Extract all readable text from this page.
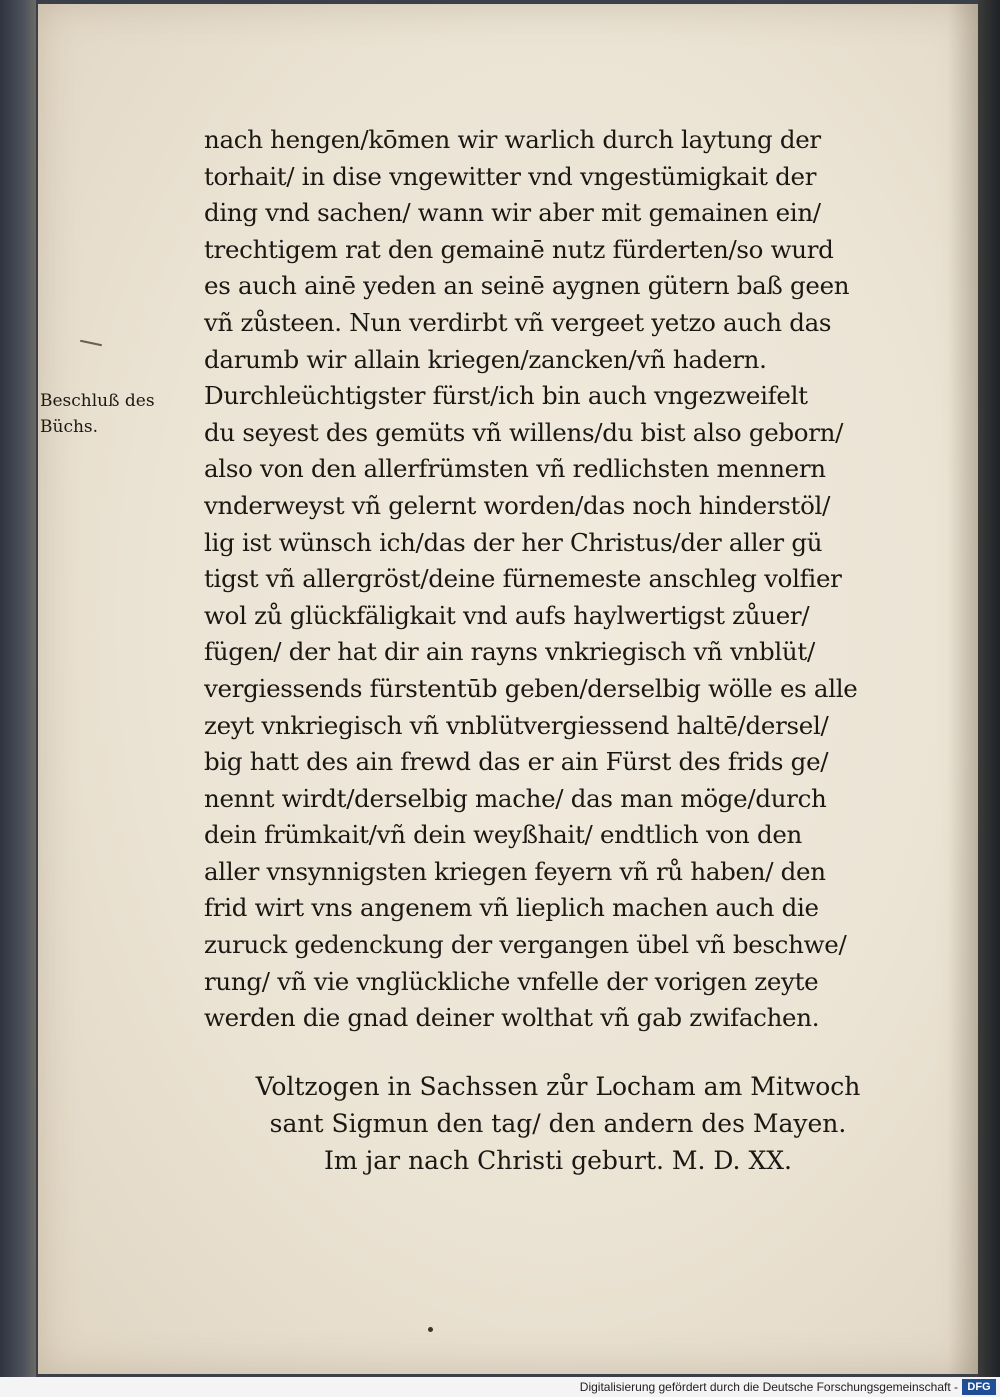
Beschluß des
Büchs.
nach hengen/kōmen wir warlich durch laytung der
torhait/ in dise vngewitter vnd vngestümigkait der
ding vnd sachen/ wann wir aber mit gemainen ein/
trechtigem rat den gemainē nutz fürderten/so wurd
es auch ainē yeden an seinē aygnen gütern baß geen
vñ zůsteen. Nun verdirbt vñ vergeet yetzo auch das
darumb wir allain kriegen/zancken/vñ hadern.
Durchleüchtigster fürst/ich bin auch vngezweifelt
du seyest des gemüts vñ willens/du bist also geborn/
also von den allerfrümsten vñ redlichsten mennern
vnderweyst vñ gelernt worden/das noch hinderstöl/
lig ist wünsch ich/das der her Christus/der aller gü
tigst vñ allergröst/deine fürnemeste anschleg volfier
wol zů glückfäligkait vnd aufs haylwertigst zůuer/
fügen/ der hat dir ain rayns vnkriegisch vñ vnblüt/
vergiessends fürstentūb geben/derselbig wölle es alle
zeyt vnkriegisch vñ vnblütvergiessend haltē/dersel/
big hatt des ain frewd das er ain Fürst des frids ge/
nennt wirdt/derselbig mache/ das man möge/durch
dein frümkait/vñ dein weyßhait/ endtlich von den
aller vnsynnigsten kriegen feyern vñ rů haben/ den
frid wirt vns angenem vñ lieplich machen auch die
zuruck gedenckung der vergangen übel vñ beschwe/
rung/ vñ vie vnglückliche vnfelle der vorigen zeyte
werden die gnad deiner wolthat vñ gab zwifachen.
Voltzogen in Sachssen zůr Locham am Mitwoch
sant Sigmun den tag/ den andern des Mayen.
Im jar nach Christi geburt. M. D. XX.
Digitalisierung gefördert durch die Deutsche Forschungsgemeinschaft - DFG
